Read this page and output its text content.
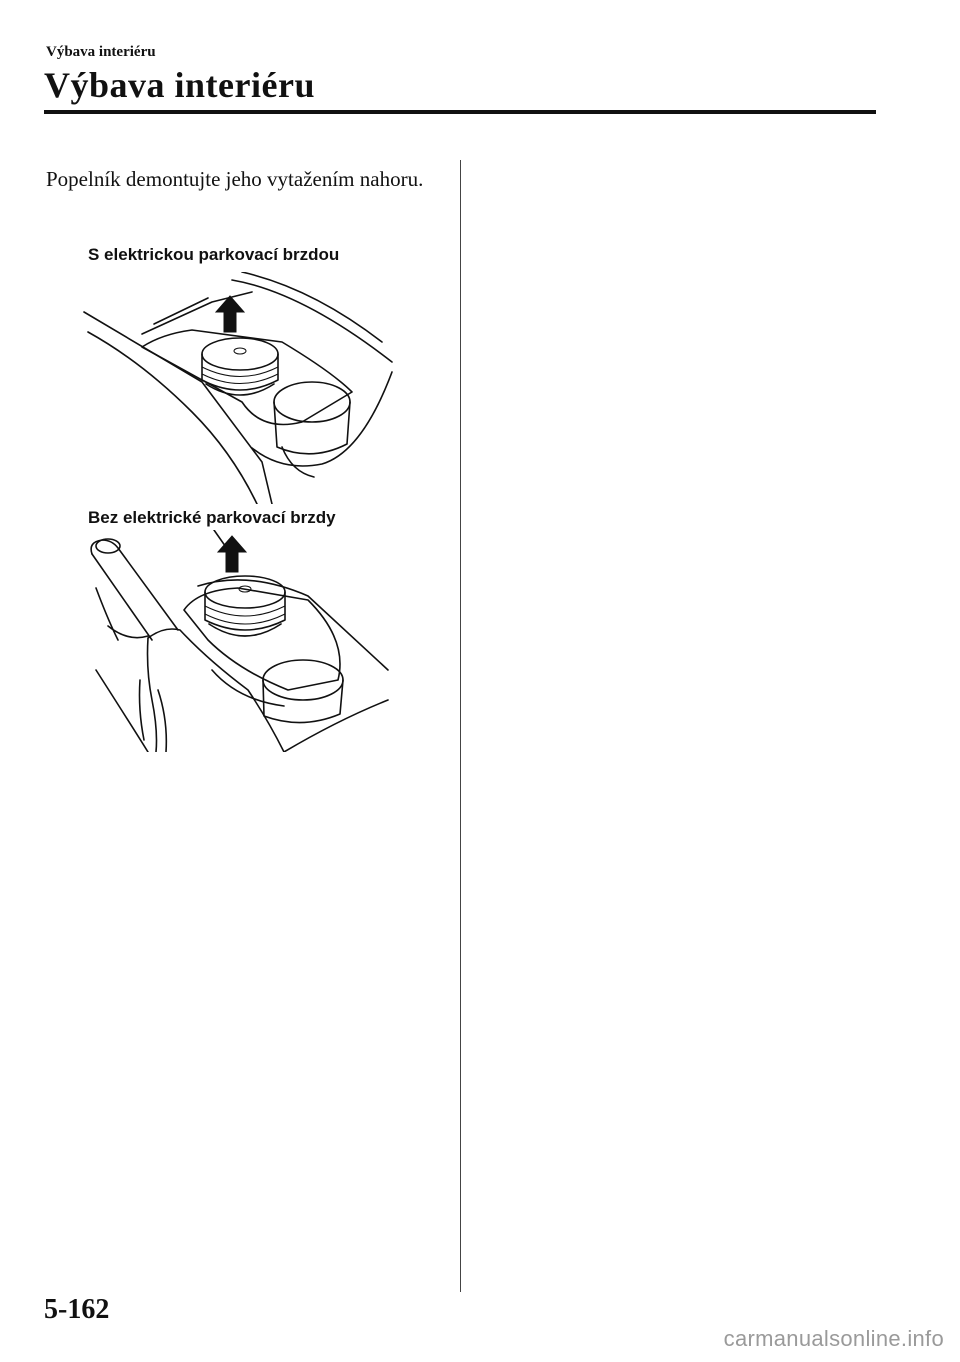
Výbava interiéru
Výbava interiéru
Popelník demontujte jeho vytažením nahoru.
S elektrickou parkovací brzdou
Bez elektrické parkovací brzdy
5-162
carmanualsonline.info
